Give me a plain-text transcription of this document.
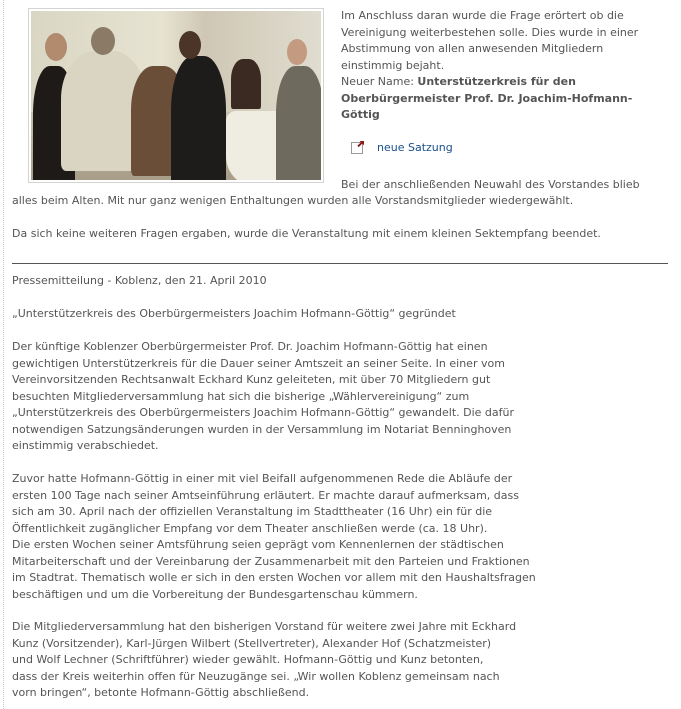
Im Anschluss daran wurde die Frage erörtert ob die

Vereinigung weiterbestehen solle. Dies wurde in einer

Abstimmung von allen anwesenden Mitgliedern

einstimmig bejaht.

Neuer Name: Unterstützerkreis für den

Oberbürgermeister Prof. Dr. Joachim-Hofmann-

Göttig

neue Satzung
Bei der anschließenden Neuwahl des Vorstandes blieb
alles beim Alten. Mit nur ganz wenigen Enthaltungen wurden alle Vorstandsmitglieder wiedergewählt.
Da sich keine weiteren Fragen ergaben, wurde die Veranstaltung mit einem kleinen Sektempfang beendet.
Pressemitteilung - Koblenz, den 21. April 2010
„Unterstützerkreis des Oberbürgermeisters Joachim Hofmann-Göttig“ gegründet
Der künftige Koblenzer Oberbürgermeister Prof. Dr. Joachim Hofmann-Göttig hat einen
gewichtigen Unterstützerkreis für die Dauer seiner Amtszeit an seiner Seite. In einer vom
Vereinvorsitzenden Rechtsanwalt Eckhard Kunz geleiteten, mit über 70 Mitgliedern gut
besuchten Mitgliederversammlung hat sich die bisherige „Wählervereinigung“ zum
„Unterstützerkreis des Oberbürgermeisters Joachim Hofmann-Göttig“ gewandelt. Die dafür
notwendigen Satzungsänderungen wurden in der Versammlung im Notariat Benninghoven
einstimmig verabschiedet.
Zuvor hatte Hofmann-Göttig in einer mit viel Beifall aufgenommenen Rede die Abläufe der
ersten 100 Tage nach seiner Amtseinführung erläutert. Er machte darauf aufmerksam, dass
sich am 30. April nach der offiziellen Veranstaltung im Stadttheater (16 Uhr) ein für die
Öffentlichkeit zugänglicher Empfang vor dem Theater anschließen werde (ca. 18 Uhr).
Die ersten Wochen seiner Amtsführung seien geprägt vom Kennenlernen der städtischen
Mitarbeiterschaft und der Vereinbarung der Zusammenarbeit mit den Parteien und Fraktionen
im Stadtrat. Thematisch wolle er sich in den ersten Wochen vor allem mit den Haushaltsfragen
beschäftigen und um die Vorbereitung der Bundesgartenschau kümmern.
Die Mitgliederversammlung hat den bisherigen Vorstand für weitere zwei Jahre mit Eckhard
Kunz (Vorsitzender), Karl-Jürgen Wilbert (Stellvertreter), Alexander Hof (Schatzmeister)
und Wolf Lechner (Schriftführer) wieder gewählt. Hofmann-Göttig und Kunz betonten,
dass der Kreis weiterhin offen für Neuzugänge sei. „Wir wollen Koblenz gemeinsam nach
vorn bringen“, betonte Hofmann-Göttig abschließend.
